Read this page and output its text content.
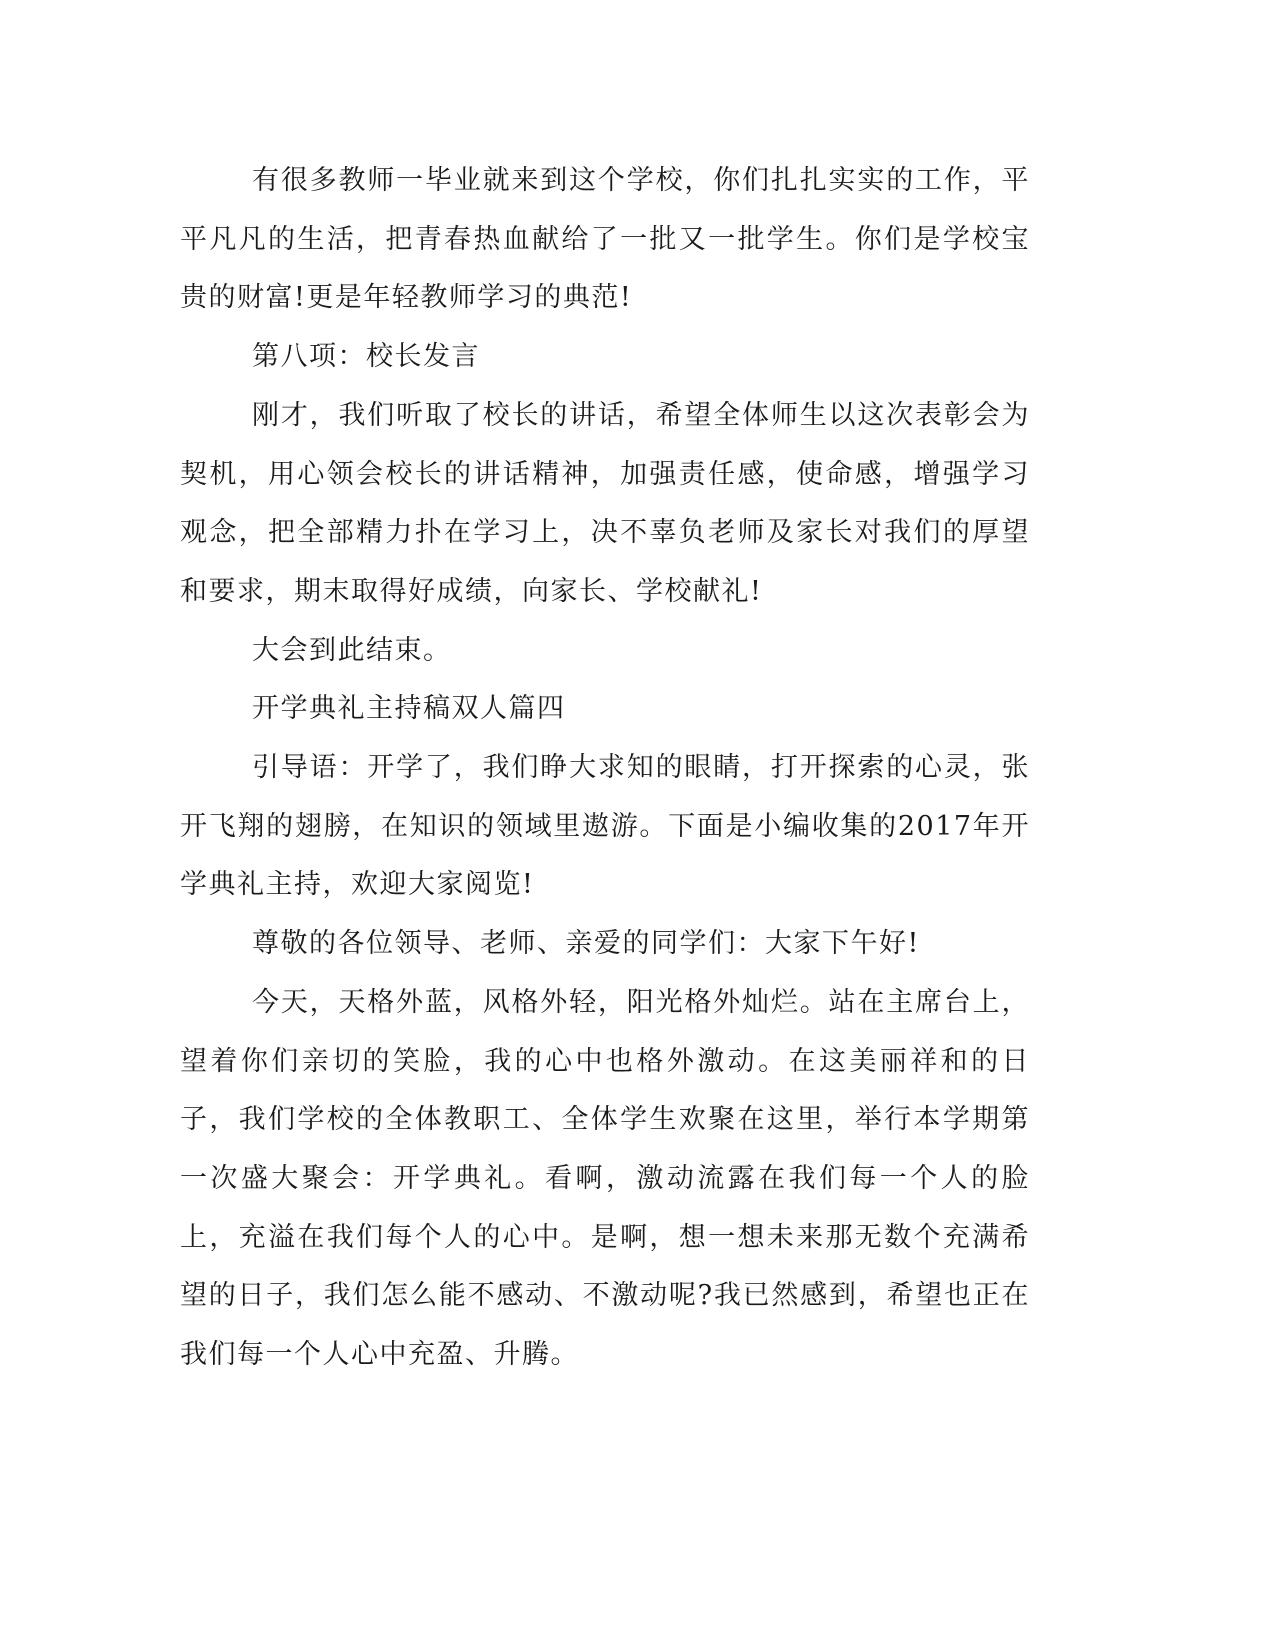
有很多教师一毕业就来到这个学校，你们扎扎实实的工作，平平凡凡的生活，把青春热血献给了一批又一批学生。你们是学校宝贵的财富!更是年轻教师学习的典范!

第八项：校长发言

刚才，我们听取了校长的讲话，希望全体师生以这次表彰会为契机，用心领会校长的讲话精神，加强责任感，使命感，增强学习观念，把全部精力扑在学习上，决不辜负老师及家长对我们的厚望和要求，期末取得好成绩，向家长、学校献礼!

大会到此结束。

开学典礼主持稿双人篇四

引导语：开学了，我们睁大求知的眼睛，打开探索的心灵，张开飞翔的翅膀，在知识的领域里遨游。下面是小编收集的2017年开学典礼主持，欢迎大家阅览!

尊敬的各位领导、老师、亲爱的同学们：大家下午好!

今天，天格外蓝，风格外轻，阳光格外灿烂。站在主席台上，望着你们亲切的笑脸，我的心中也格外激动。在这美丽祥和的日子，我们学校的全体教职工、全体学生欢聚在这里，举行本学期第一次盛大聚会：开学典礼。看啊，激动流露在我们每一个人的脸上，充溢在我们每个人的心中。是啊，想一想未来那无数个充满希望的日子，我们怎么能不感动、不激动呢?我已然感到，希望也正在我们每一个人心中充盈、升腾。
